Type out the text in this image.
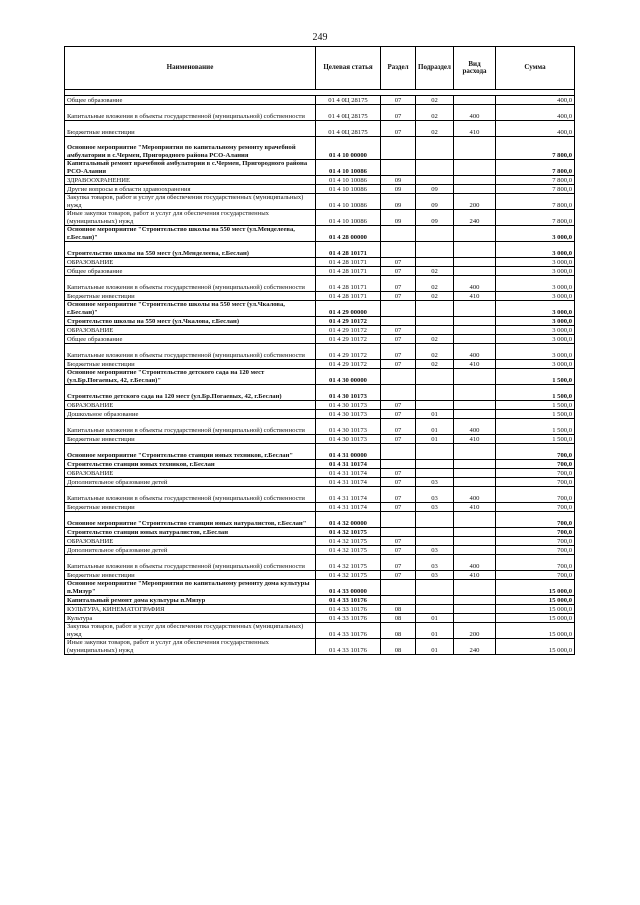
249
Наименование	Целевая статья	Раздел	Подраздел	Вид расхода	Сумма

Общее образование	01 4 0Ц 28175	07	02		400,0
Капитальные вложения в объекты государственной (муниципальной) собственности	01 4 0Ц 28175	07	02	400	400,0
Бюджетные инвестиции	01 4 0Ц 28175	07	02	410	400,0
Основное мероприятие "Мероприятия по капитальному ремонту врачебной амбулатории в с.Чермен, Пригородного района РСО-Алания	01 4 10 00000				7 800,0
Капитальный ремонт врачебной амбулатории в с.Чермен, Пригородного района РСО-Алания	01 4 10 10086				7 800,0
ЗДРАВООХРАНЕНИЕ	01 4 10 10086	09			7 800,0
Другие вопросы в области здравоохранения	01 4 10 10086	09	09		7 800,0
Закупка товаров, работ и услуг для обеспечения государственных (муниципальных) нужд	01 4 10 10086	09	09	200	7 800,0
Иные закупки товаров, работ и услуг для обеспечения государственных (муниципальных) нужд	01 4 10 10086	09	09	240	7 800,0
Основное мероприятие "Строительство школы на 550 мест (ул.Менделеева, г.Беслан)"	01 4 28 00000				3 000,0
Строительство школы на 550 мест (ул.Менделеева, г.Беслан)	01 4 28 10171				3 000,0
ОБРАЗОВАНИЕ	01 4 28 10171	07			3 000,0
Общее образование	01 4 28 10171	07	02		3 000,0
Капитальные вложения в объекты государственной (муниципальной) собственности	01 4 28 10171	07	02	400	3 000,0
Бюджетные инвестиции	01 4 28 10171	07	02	410	3 000,0
Основное мероприятие "Строительство школы на 550 мест (ул.Чкалова, г.Беслан)"	01 4 29 00000				3 000,0
Строительство школы на 550 мест (ул.Чкалова, г.Беслан)	01 4 29 10172				3 000,0
ОБРАЗОВАНИЕ	01 4 29 10172	07			3 000,0
Общее образование	01 4 29 10172	07	02		3 000,0
Капитальные вложения в объекты государственной (муниципальной) собственности	01 4 29 10172	07	02	400	3 000,0
Бюджетные инвестиции	01 4 29 10172	07	02	410	3 000,0
Основное мероприятие "Строительство детского сада на 120 мест (ул.Бр.Погаевых, 42, г.Беслан)"	01 4 30 00000				1 500,0
Строительство детского сада на 120 мест (ул.Бр.Погаевых, 42, г.Беслан)	01 4 30 10173				1 500,0
ОБРАЗОВАНИЕ	01 4 30 10173	07			1 500,0
Дошкольное образование	01 4 30 10173	07	01		1 500,0
Капитальные вложения в объекты государственной (муниципальной) собственности	01 4 30 10173	07	01	400	1 500,0
Бюджетные инвестиции	01 4 30 10173	07	01	410	1 500,0
Основное мероприятие "Строительство станции юных техников, г.Беслан"	01 4 31 00000				700,0
Строительство станции юных техников, г.Беслан	01 4 31 10174				700,0
ОБРАЗОВАНИЕ	01 4 31 10174	07			700,0
Дополнительное образование детей	01 4 31 10174	07	03		700,0
Капитальные вложения в объекты государственной (муниципальной) собственности	01 4 31 10174	07	03	400	700,0
Бюджетные инвестиции	01 4 31 10174	07	03	410	700,0
Основное мероприятие "Строительство станции юных натуралистов, г.Беслан"	01 4 32 00000				700,0
Строительство станции юных натуралистов, г.Беслан	01 4 32 10175				700,0
ОБРАЗОВАНИЕ	01 4 32 10175	07			700,0
Дополнительное образование детей	01 4 32 10175	07	03		700,0
Капитальные вложения в объекты государственной (муниципальной) собственности	01 4 32 10175	07	03	400	700,0
Бюджетные инвестиции	01 4 32 10175	07	03	410	700,0
Основное мероприятие "Мероприятия по капитальному ремонту дома культуры п.Мизур"	01 4 33 00000				15 000,0
Капитальный ремонт дома культуры п.Мизур	01 4 33 10176				15 000,0
КУЛЬТУРА, КИНЕМАТОГРАФИЯ	01 4 33 10176	08			15 000,0
Культура	01 4 33 10176	08	01		15 000,0
Закупка товаров, работ и услуг для обеспечения государственных (муниципальных) нужд	01 4 33 10176	08	01	200	15 000,0
Иные закупки товаров, работ и услуг для обеспечения государственных (муниципальных) нужд	01 4 33 10176	08	01	240	15 000,0
